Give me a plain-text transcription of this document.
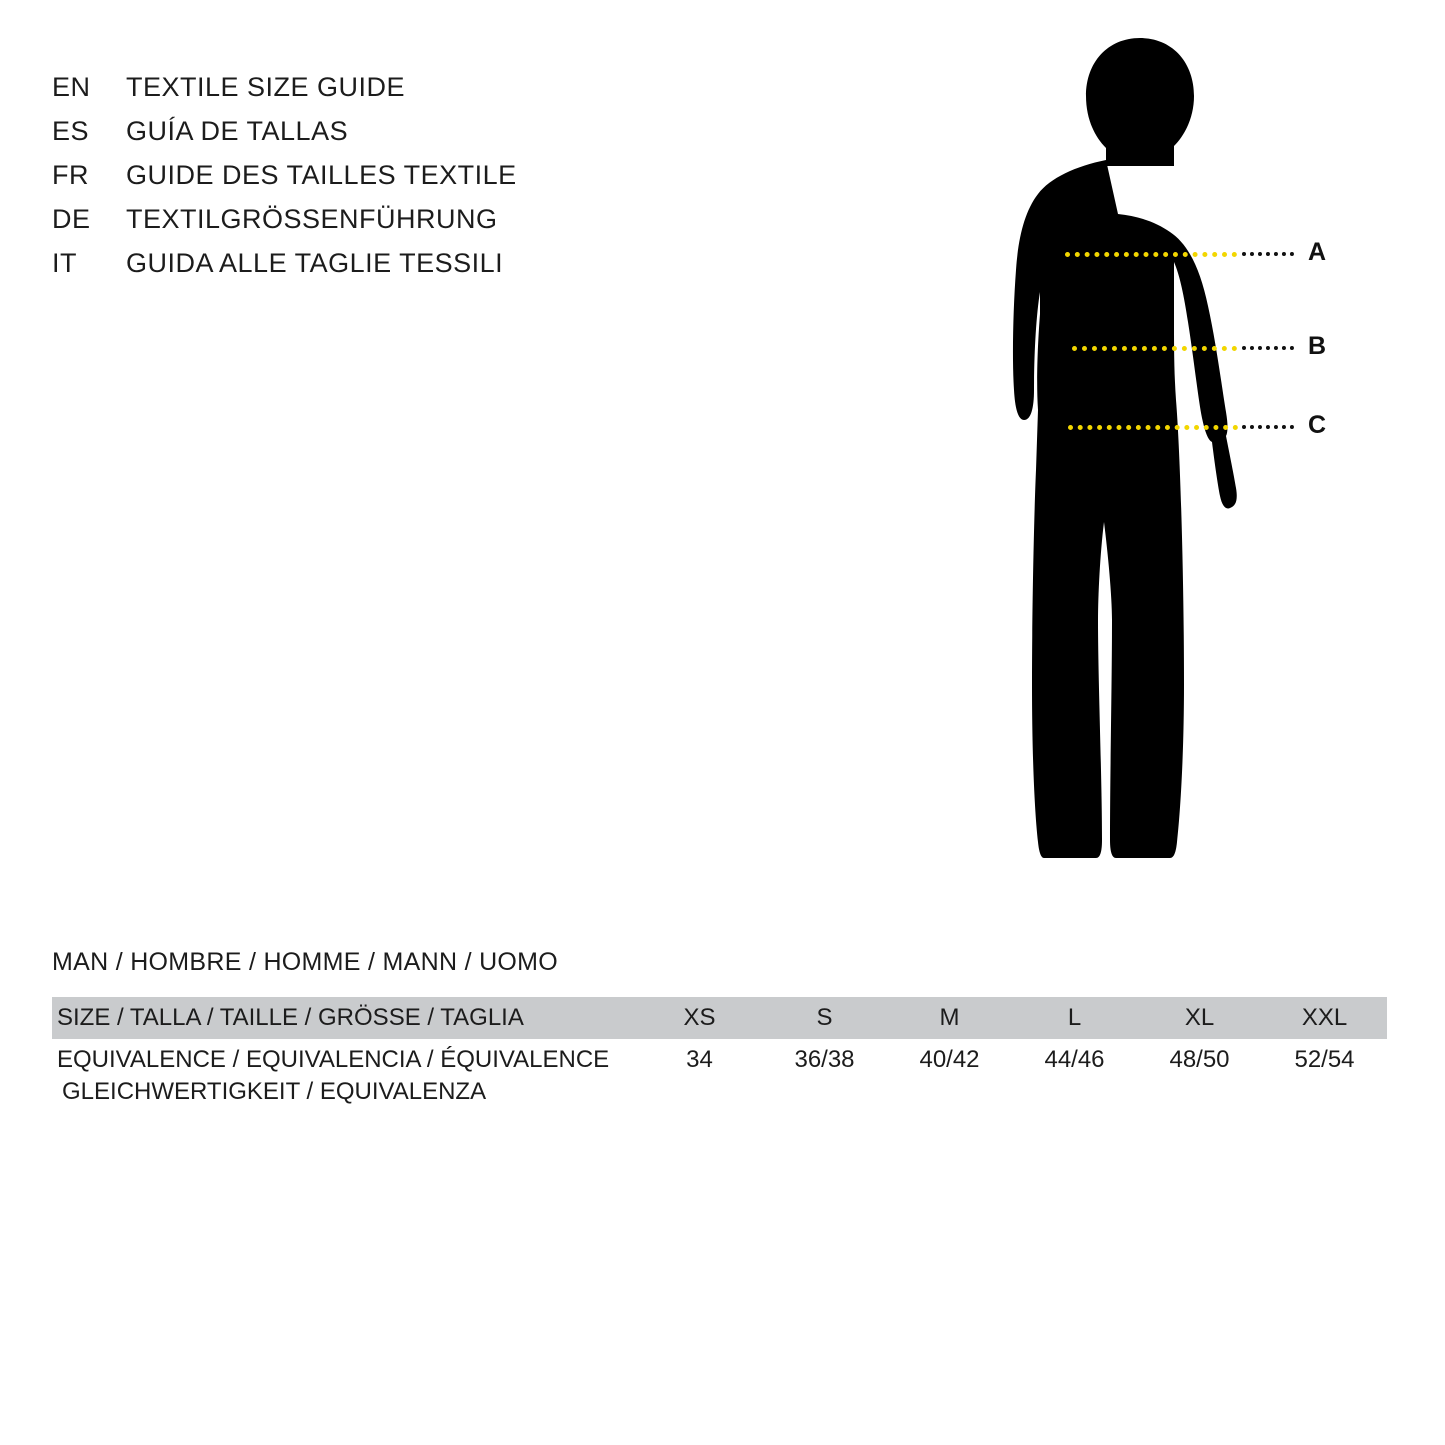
EN	TEXTILE SIZE GUIDE
ES	GUÍA DE TALLAS
FR	GUIDE DES TAILLES TEXTILE
DE	TEXTILGRÖSSENFÜHRUNG
IT	GUIDA ALLE TAGLIE TESSILI	A
B
C
MAN / HOMBRE / HOMME / MANN / UOMO
SIZE / TALLA / TAILLE / GRÖSSE / TAGLIA	XS	S	M	L	XL	XXL
EQUIVALENCE / EQUIVALENCIA / ÉQUIVALENCE
GLEICHWERTIGKEIT / EQUIVALENZA	34	36/38	40/42	44/46	48/50	52/54
